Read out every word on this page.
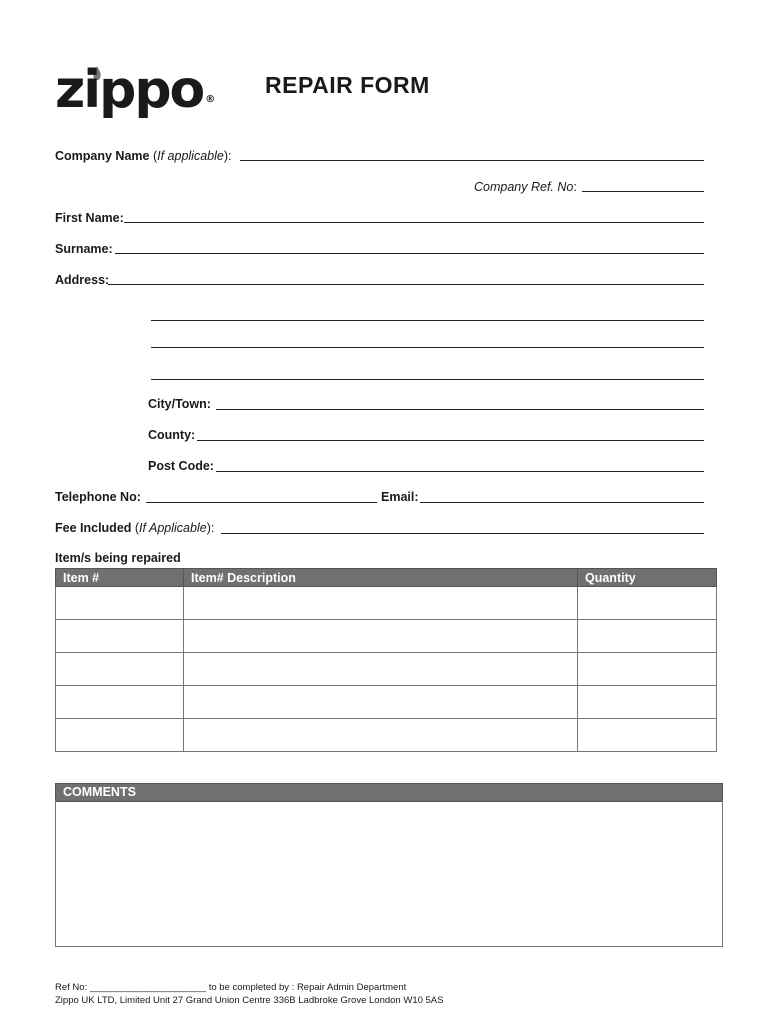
zippo ®
REPAIR FORM
Company Name (If applicable):
Company Ref. No:
First Name:
Surname:
Address:
City/Town:
County:
Post Code:
Telephone No:	Email:
Fee Included (If Applicable):
Item/s being repaired
Item #	Item# Description	Quantity

COMMENTS
Ref No: ______________________ to be completed by : Repair Admin Department
Zippo UK LTD, Limited Unit 27 Grand Union Centre 336B Ladbroke Grove London W10 5AS
